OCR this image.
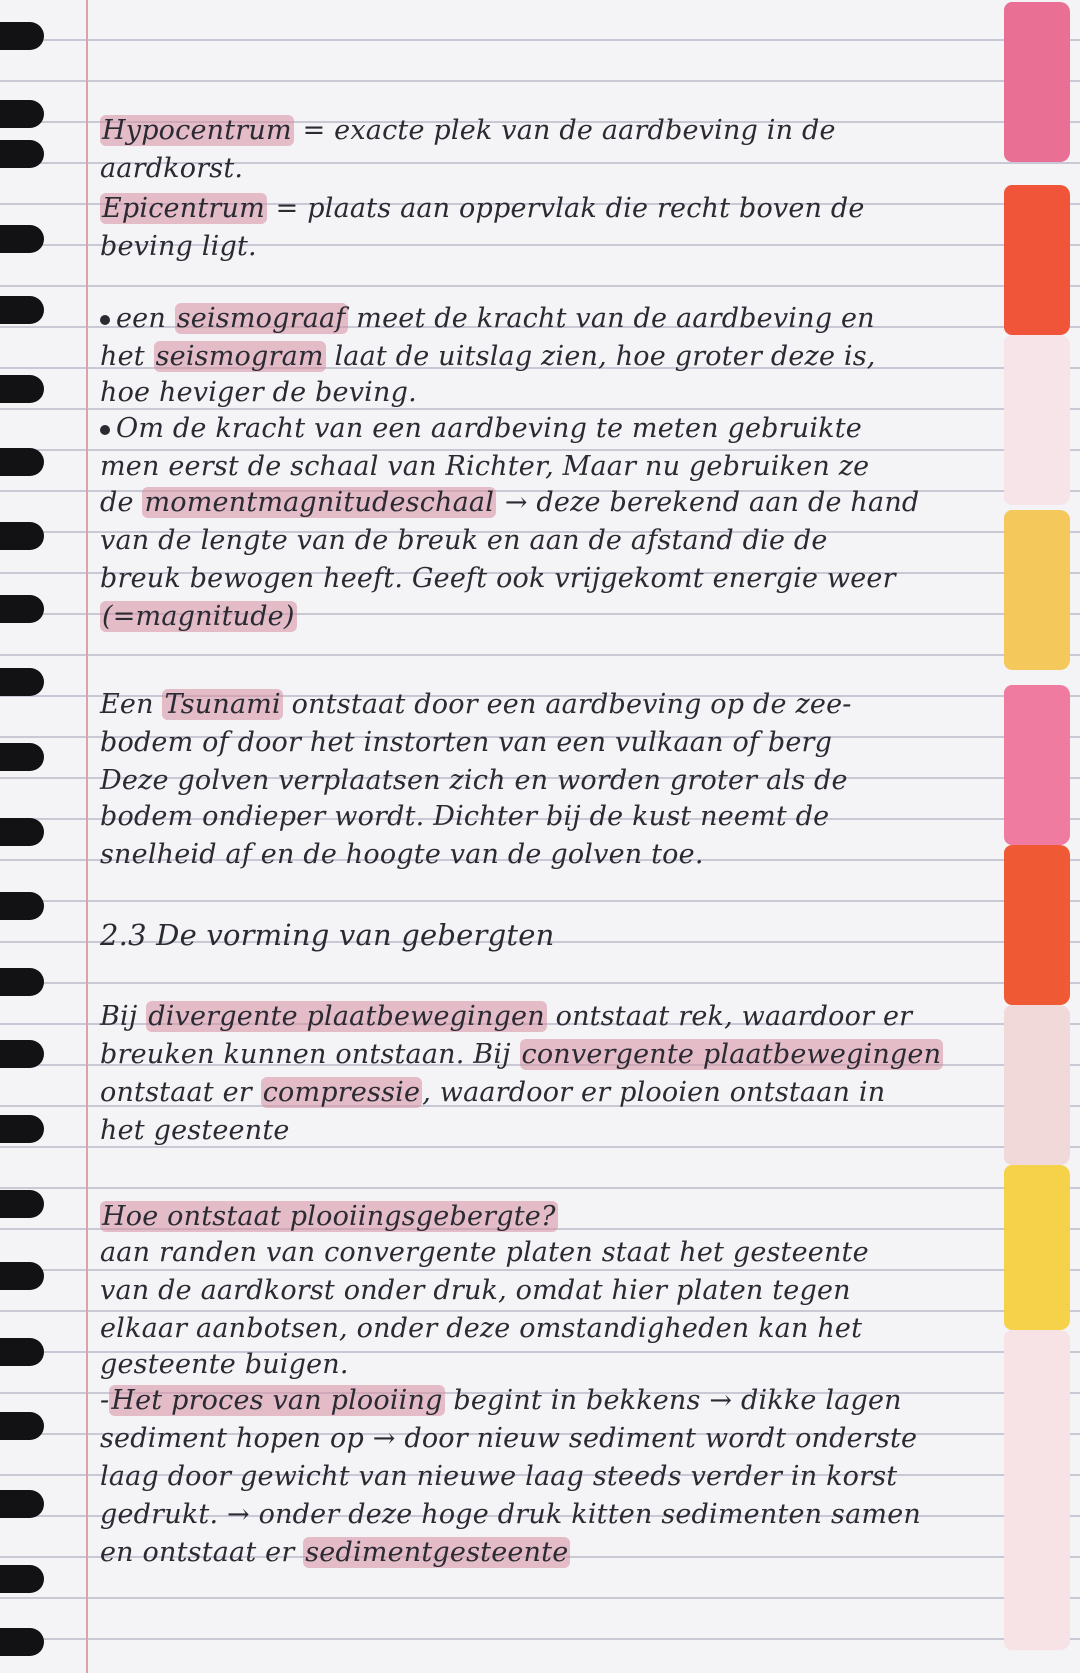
Hypocentrum = exacte plek van de aardbeving in de
aardkorst.
Epicentrum = plaats aan oppervlak die recht boven de
beving ligt.
een seismograaf meet de kracht van de aardbeving en
het seismogram laat de uitslag zien, hoe groter deze is,
hoe heviger de beving.
Om de kracht van een aardbeving te meten gebruikte
men eerst de schaal van Richter, Maar nu gebruiken ze
de momentmagnitudeschaal → deze berekend aan de hand
van de lengte van de breuk en aan de afstand die de
breuk bewogen heeft. Geeft ook vrijgekomt energie weer
(=magnitude)
Een Tsunami ontstaat door een aardbeving op de zee-
bodem of door het instorten van een vulkaan of berg
Deze golven verplaatsen zich en worden groter als de
bodem ondieper wordt. Dichter bij de kust neemt de
snelheid af en de hoogte van de golven toe.
2.3 De vorming van gebergten
Bij divergente plaatbewegingen ontstaat rek, waardoor er
breuken kunnen ontstaan. Bij convergente plaatbewegingen
ontstaat er compressie, waardoor er plooien ontstaan in
het gesteente
Hoe ontstaat plooiingsgebergte?
aan randen van convergente platen staat het gesteente
van de aardkorst onder druk, omdat hier platen tegen
elkaar aanbotsen, onder deze omstandigheden kan het
gesteente buigen.
-Het proces van plooiing begint in bekkens → dikke lagen
sediment hopen op → door nieuw sediment wordt onderste
laag door gewicht van nieuwe laag steeds verder in korst
gedrukt. → onder deze hoge druk kitten sedimenten samen
en ontstaat er sedimentgesteente
